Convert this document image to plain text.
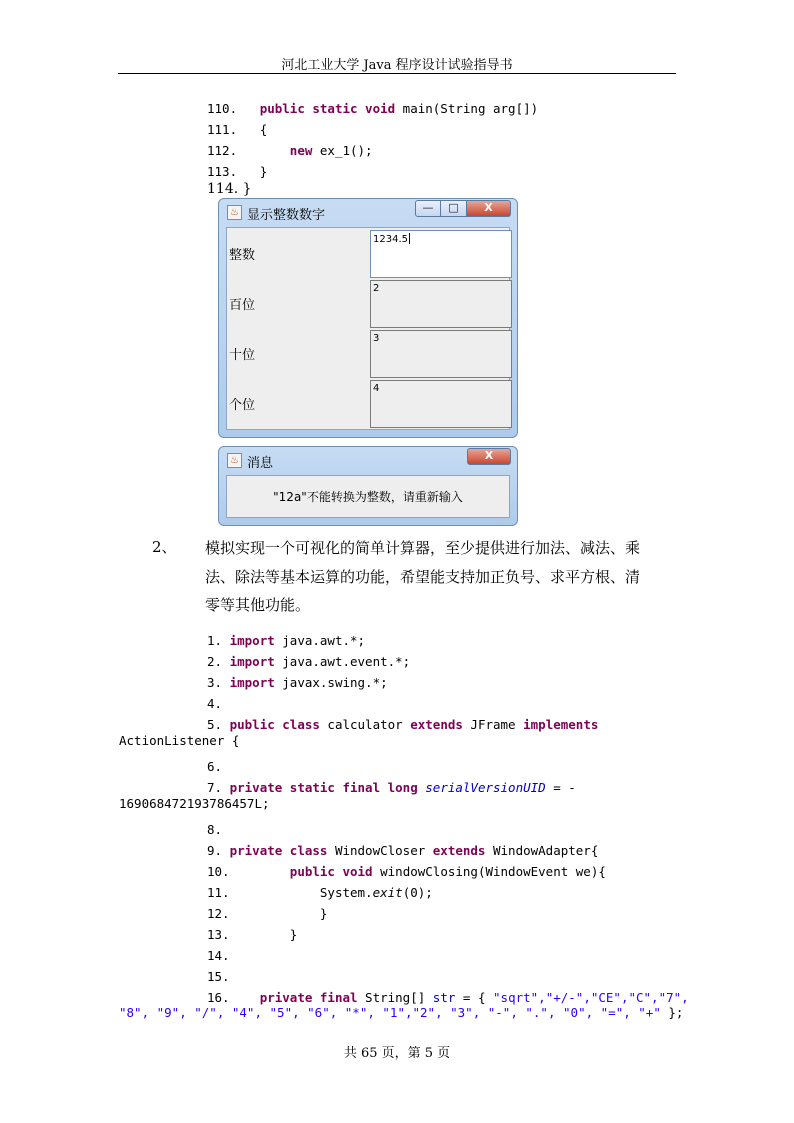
河北工业大学 Java 程序设计试验指导书
110. public static void main(String arg[])
111. {
112.	new ex_1();
113. }
114. }
♨ 显示整数数字
—	□	X
整数
1234.5
百位
2
十位
3
个位
4
♨ 消息
X
"12a"不能转换为整数，请重新输入
2、 模拟实现一个可视化的简单计算器，至少提供进行加法、减法、乘

法、除法等基本运算的功能，希望能支持加正负号、求平方根、清

零等其他功能。

1. import java.awt.*;
2. import java.awt.event.*;
3. import javax.swing.*;
4.
5. public class calculator extends JFrame implements

6.
7. private static final long serialVersionUID = -

8.
9. private class WindowCloser extends WindowAdapter{
10.	public void windowClosing(WindowEvent we){
11.	System.exit(0);
12.	}
13.	}
14.
15.
16. private final String[] str = { "sqrt","+/-","CE","C","7",
ActionListener {
169068472193786457L;
"8", "9", "/", "4", "5", "6", "*", "1","2", "3", "-", ".", "0", "=", "+" };
共 65 页，第 5 页
